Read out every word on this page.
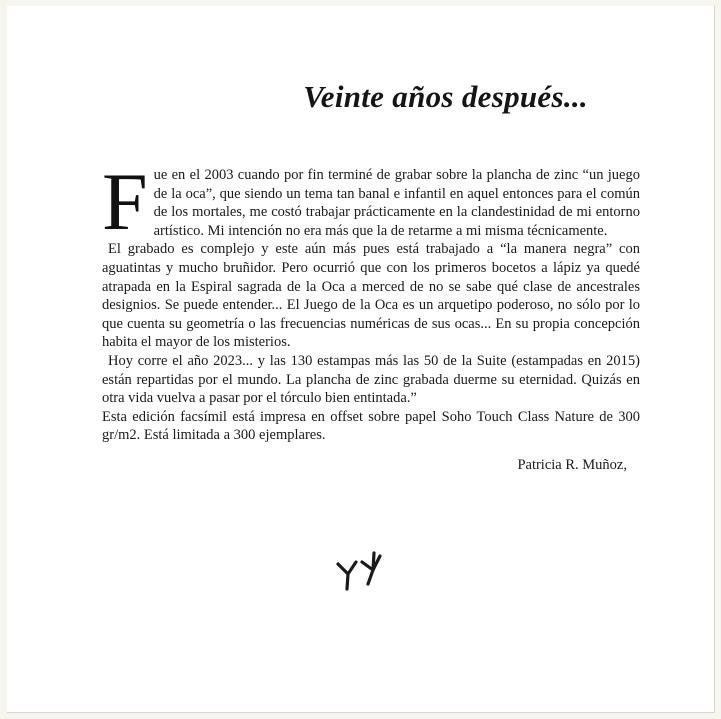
Veinte años después...

Fue en el 2003 cuando por fin terminé de grabar sobre la plancha de zinc “un juego de la oca”, que siendo un tema tan banal e infantil en aquel entonces para el común de los mortales, me costó trabajar prácticamente en la clandestinidad de mi entorno artístico. Mi intención no era más que la de retarme a mi misma técnicamente.

El grabado es complejo y este aún más pues está trabajado a “la manera negra” con aguatintas y mucho bruñidor. Pero ocurrió que con los primeros bocetos a lápiz ya quedé atrapada en la Espiral sagrada de la Oca a merced de no se sabe qué clase de ancestrales designios. Se puede entender... El Juego de la Oca es un arquetipo poderoso, no sólo por lo que cuenta su geometría o las frecuencias numéricas de sus ocas... En su propia concepción habita el mayor de los misterios.

Hoy corre el año 2023... y las 130 estampas más las 50 de la Suite (estampadas en 2015) están repartidas por el mundo. La plancha de zinc grabada duerme su eternidad. Quizás en otra vida vuelva a pasar por el tórculo bien entintada.”

Esta edición facsímil está impresa en offset sobre papel Soho Touch Class Nature de 300 gr/m2. Está limitada a 300 ejemplares.

Patricia R. Muñoz,
